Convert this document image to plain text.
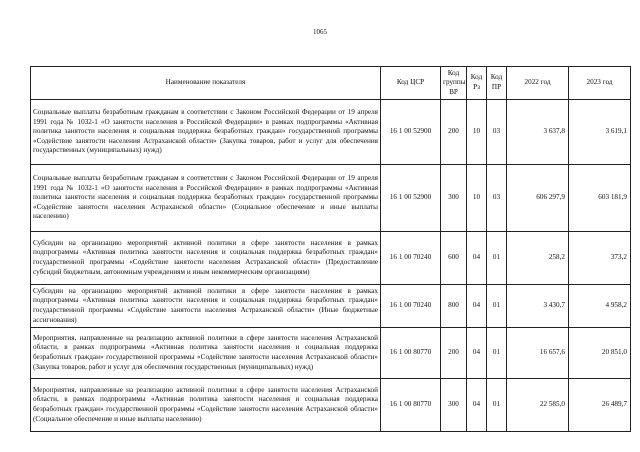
1065
Наименование показателя	Код ЦСР	Код группы ВР	Код Рз	Код ПР	2022 год	2023 год
Социальные выплаты безработным гражданам в соответствии с Законом Российской Федерации от 19 апреля 1991 года № 1032-1 «О занятости населения в Российской Федерации» в рамках подпрограммы «Активная политика занятости населения и социальная поддержка безработных граждан» государственной программы «Содействие занятости населения Астраханской области» (Закупка товаров, работ и услуг для обеспечения государственных (муниципальных) нужд)	16 1 00 52900	200	10	03	3 637,8	3 619,1
Социальные выплаты безработным гражданам в соответствии с Законом Российской Федерации от 19 апреля 1991 года № 1032-1 «О занятости населения в Российской Федерации» в рамках подпрограммы «Активная политика занятости населения и социальная поддержка безработных граждан» государственной программы «Содействие занятости населения Астраханской области» (Социальное обеспечение и иные выплаты населению)	16 1 00 52900	300	10	03	606 297,9	603 181,9
Субсидии на организацию мероприятий активной политики в сфере занятости населения в рамках подпрограммы «Активная политика занятости населения и социальная поддержка безработных граждан» государственной программы «Содействие занятости населения Астраханской области» (Предоставление субсидий бюджетным, автономным учреждениям и иным некоммерческим организациям)	16 1 00 70240	600	04	01	258,2	373,2
Субсидии на организацию мероприятий активной политики в сфере занятости населения в рамках подпрограммы «Активная политика занятости населения и социальная поддержка безработных граждан» государственной программы «Содействие занятости населения Астраханской области» (Иные бюджетные ассигнования)	16 1 00 70240	800	04	01	3 430,7	4 958,2
Мероприятия, направленные на реализацию активной политики в сфере занятости населения Астраханской области, в рамках подпрограммы «Активная политика занятости населения и социальная поддержка безработных граждан» государственной программы «Содействие занятости населения Астраханской области» (Закупка товаров, работ и услуг для обеспечения государственных (муниципальных) нужд)	16 1 00 80770	200	04	01	16 657,6	20 851,0
Мероприятия, направленные на реализацию активной политики в сфере занятости населения Астраханской области, в рамках подпрограммы «Активная политика занятости населения и социальная поддержка безработных граждан» государственной программы «Содействие занятости населения Астраханской области» (Социальное обеспечение и иные выплаты населению)	16 1 00 80770	300	04	01	22 585,0	26 489,7
